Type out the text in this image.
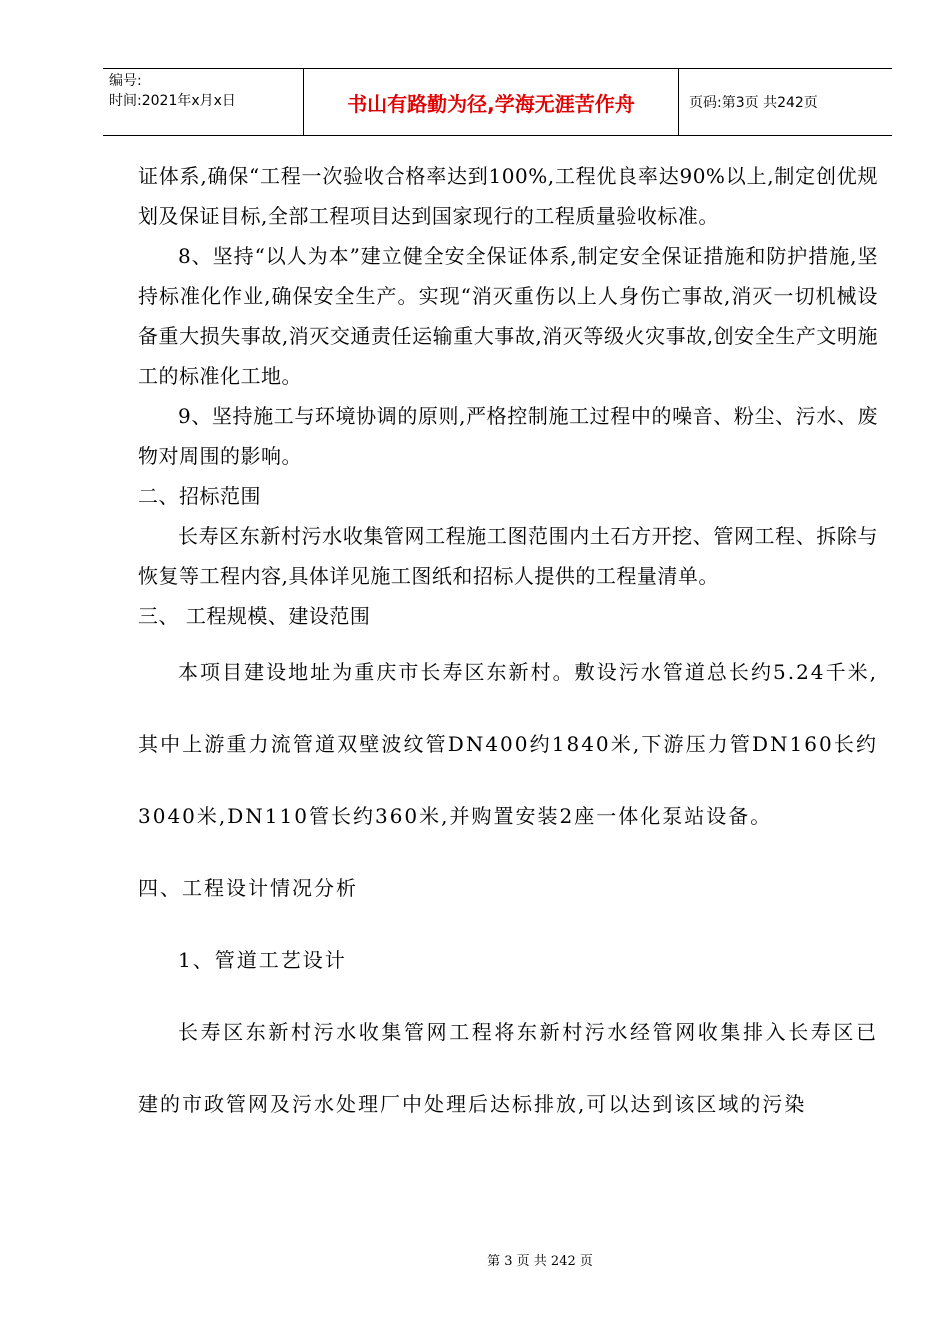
编号:
时间:2021年x月x日	书山有路勤为径,学海无涯苦作舟	页码:第3页 共242页

证体系,确保“工程一次验收合格率达到100%,工程优良率达90%以上,制定创优规划及保证目标,全部工程项目达到国家现行的工程质量验收标准。

8、坚持“以人为本”建立健全安全保证体系,制定安全保证措施和防护措施,坚持标准化作业,确保安全生产。实现“消灭重伤以上人身伤亡事故,消灭一切机械设备重大损失事故,消灭交通责任运输重大事故,消灭等级火灾事故,创安全生产文明施工的标准化工地。

9、坚持施工与环境协调的原则,严格控制施工过程中的噪音、粉尘、污水、废物对周围的影响。

二、招标范围

长寿区东新村污水收集管网工程施工图范围内土石方开挖、管网工程、拆除与恢复等工程内容,具体详见施工图纸和招标人提供的工程量清单。

三、 工程规模、建设范围

本项目建设地址为重庆市长寿区东新村。敷设污水管道总长约5.24千米,其中上游重力流管道双壁波纹管DN400约1840米,下游压力管DN160长约3040米,DN110管长约360米,并购置安装2座一体化泵站设备。

四、工程设计情况分析

1、管道工艺设计

长寿区东新村污水收集管网工程将东新村污水经管网收集排入长寿区已建的市政管网及污水处理厂中处理后达标排放,可以达到该区域的污染

第 3 页 共 242 页
